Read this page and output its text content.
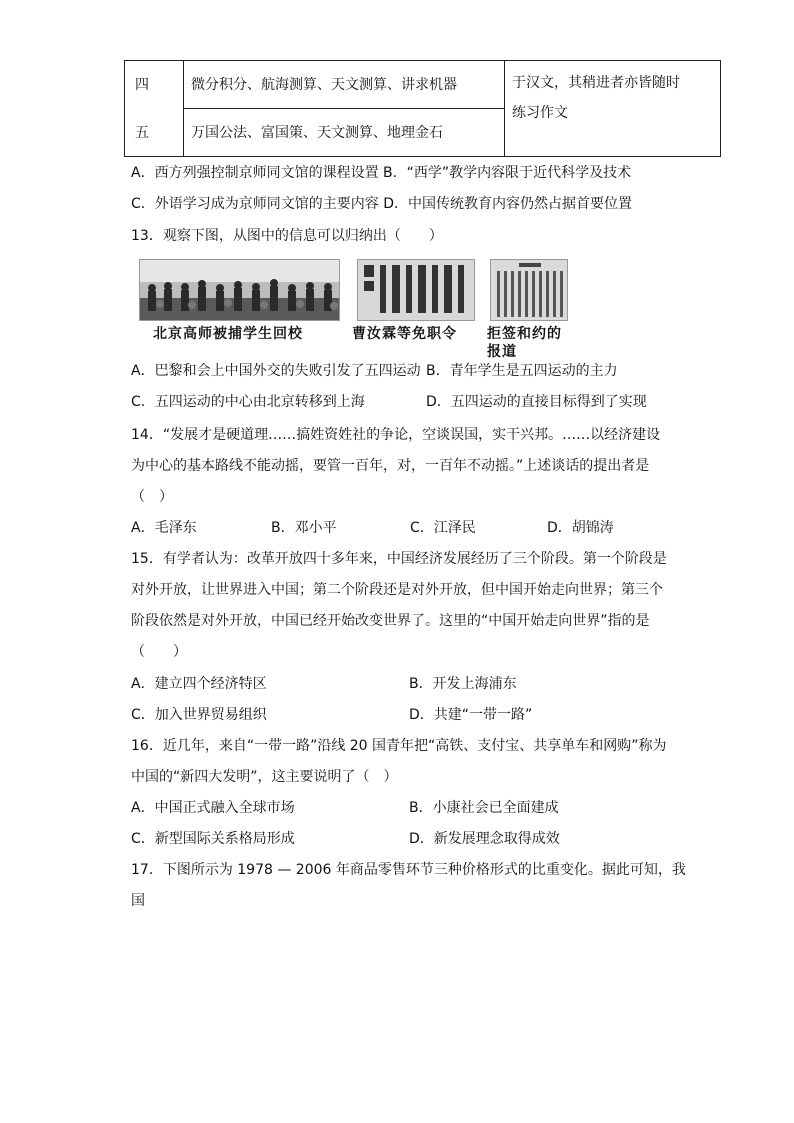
四	微分积分、航海测算、天文测算、讲求机器
五	万国公法、富国策、天文测算、地理金石
于汉文，其稍进者亦皆随时
练习作文
A．西方列强控制京师同文馆的课程设置 B．“西学”教学内容限于近代科学及技术
C．外语学习成为京师同文馆的主要内容 D．中国传统教育内容仍然占据首要位置
13．观察下图，从图中的信息可以归纳出（　　）
北京高师被捕学生回校	曹汝霖等免职令 拒签和约的
报道
A．巴黎和会上中国外交的失败引发了五四运动 B．青年学生是五四运动的主力
C．五四运动的中心由北京转移到上海	D．五四运动的直接目标得到了实现
14．“发展才是硬道理……搞姓资姓社的争论，空谈误国，实干兴邦。……以经济建设
为中心的基本路线不能动摇，要管一百年，对，一百年不动摇。”上述谈话的提出者是
（　）
A．毛泽东	B．邓小平	C．江泽民	D．胡锦涛
15．有学者认为：改革开放四十多年来，中国经济发展经历了三个阶段。第一个阶段是
对外开放，让世界进入中国；第二个阶段还是对外开放，但中国开始走向世界；第三个
阶段依然是对外开放，中国已经开始改变世界了。这里的“中国开始走向世界”指的是
（　　）
A．建立四个经济特区	B．开发上海浦东
C．加入世界贸易组织	D．共建“一带一路”
16．近几年，来自“一带一路”沿线 20 国青年把“高铁、支付宝、共享单车和网购”称为
中国的“新四大发明”，这主要说明了（　）
A．中国正式融入全球市场	B．小康社会已全面建成
C．新型国际关系格局形成	D．新发展理念取得成效
17．下图所示为 1978 — 2006 年商品零售环节三种价格形式的比重变化。据此可知，我
国
